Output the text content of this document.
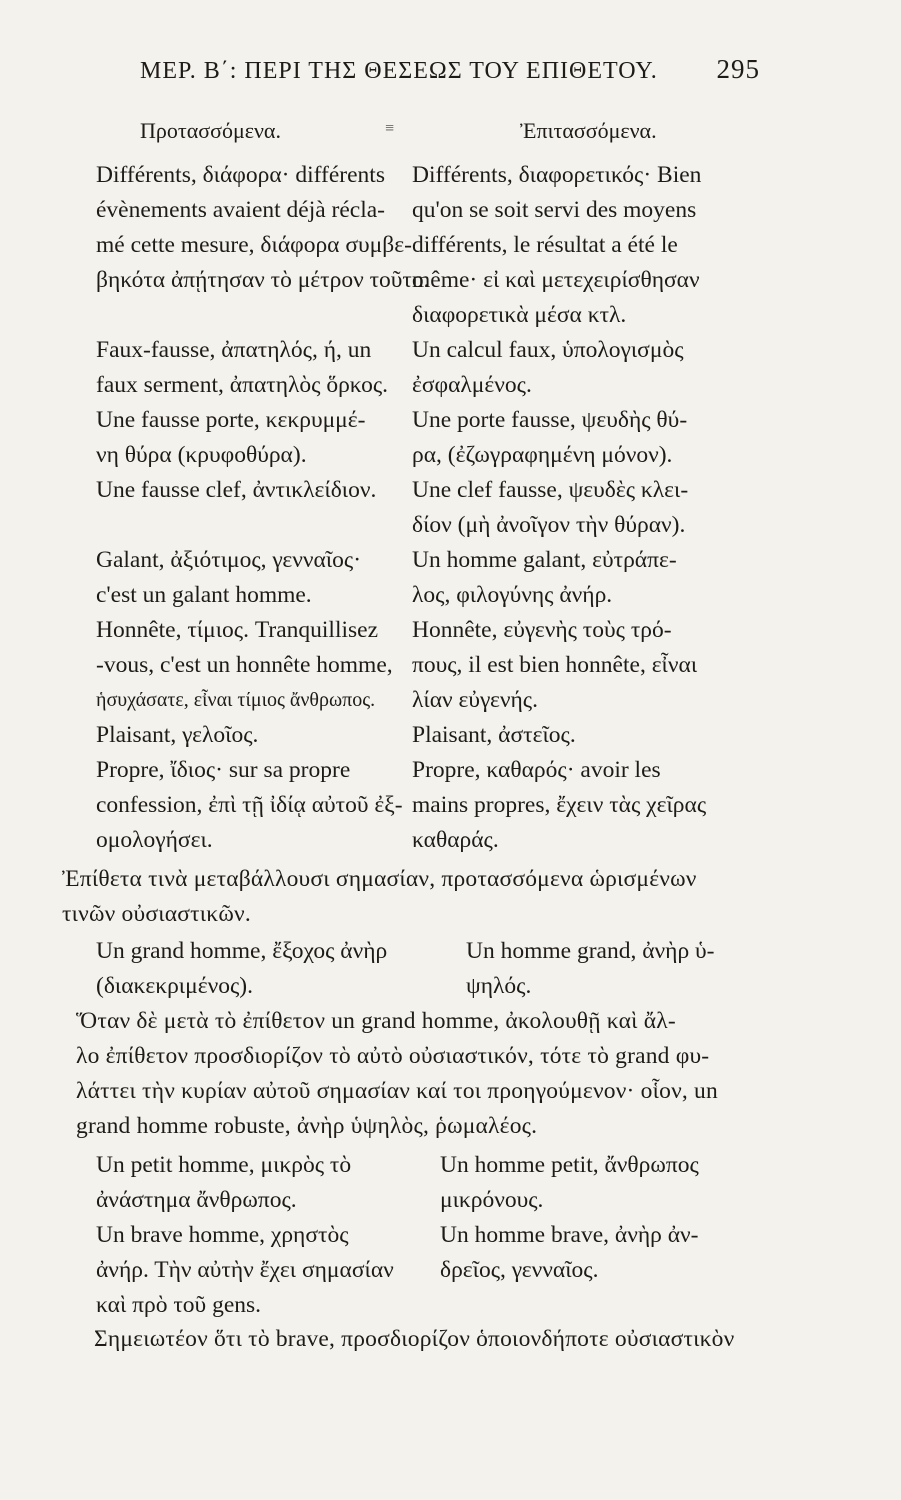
ΜΕΡ. Β΄: ΠΕΡΙ ΤΗΣ ΘΕΣΕΩΣ ΤΟΥ ΕΠΙΘΕΤΟΥ. 295
Προτασσόμενα.	≡	Ἐπιτασσόμενα.
Différents, διάφορα· différents
évènements avaient déjà récla-
mé cette mesure, διάφορα συμβε-
βηκότα ἀπῄτησαν τὸ μέτρον τοῦτο.
Faux-fausse, ἀπατηλός, ή, un
faux serment, ἀπατηλὸς ὅρκος.
Une fausse porte, κεκρυμμέ-
νη θύρα (κρυφοθύρα).
Une fausse clef, ἀντικλείδιον.
Galant, ἀξιότιμος, γενναῖος·
c'est un galant homme.
Honnête, τίμιος. Tranquillisez
-vous, c'est un honnête homme,
ἡσυχάσατε, εἶναι τίμιος ἄνθρωπος.
Plaisant, γελοῖος.
Propre, ἴδιος· sur sa propre
confession, ἐπὶ τῇ ἰδίᾳ αὐτοῦ ἐξ-
ομολογήσει.
Différents, διαφορετικός· Bien
qu'on se soit servi des moyens
différents, le résultat a été le
même· εἰ καὶ μετεχειρίσθησαν
διαφορετικὰ μέσα κτλ.
Un calcul faux, ὑπολογισμὸς
ἐσφαλμένος.
Une porte fausse, ψευδὴς θύ-
ρα, (ἐζωγραφημένη μόνον).
Une clef fausse, ψευδὲς κλει-
δίον (μὴ ἀνοῖγον τὴν θύραν).
Un homme galant, εὐτράπε-
λος, φιλογύνης ἀνήρ.
Honnête, εὐγενὴς τοὺς τρό-
πους, il est bien honnête, εἶναι
λίαν εὐγενής.
Plaisant, ἀστεῖος.
Propre, καθαρός· avoir les
mains propres, ἔχειν τὰς χεῖρας
καθαράς.
Ἐπίθετα τινὰ μεταβάλλουσι σημασίαν, προτασσόμενα ὡρισμένων
τινῶν οὐσιαστικῶν.
Un grand homme, ἔξοχος ἀνὴρ
(διακεκριμένος).
Un homme grand, ἀνὴρ ὑ-
ψηλός.
Ὅταν δὲ μετὰ τὸ ἐπίθετον un grand homme, ἀκολουθῇ καὶ ἄλ-
λο ἐπίθετον προσδιορίζον τὸ αὐτὸ οὐσιαστικόν, τότε τὸ grand φυ-
λάττει τὴν κυρίαν αὐτοῦ σημασίαν καί τοι προηγούμενον· οἷον, un
grand homme robuste, ἀνὴρ ὑψηλὸς, ῥωμαλέος.
Un petit homme, μικρὸς τὸ
ἀνάστημα ἄνθρωπος.
Un brave homme, χρηστὸς
ἀνήρ. Τὴν αὐτὴν ἔχει σημασίαν
καὶ πρὸ τοῦ gens.
Un homme petit, ἄνθρωπος
μικρόνους.
Un homme brave, ἀνὴρ ἀν-
δρεῖος, γενναῖος.
Σημειωτέον ὅτι τὸ brave, προσδιορίζον ὁποιονδήποτε οὐσιαστικὸν
